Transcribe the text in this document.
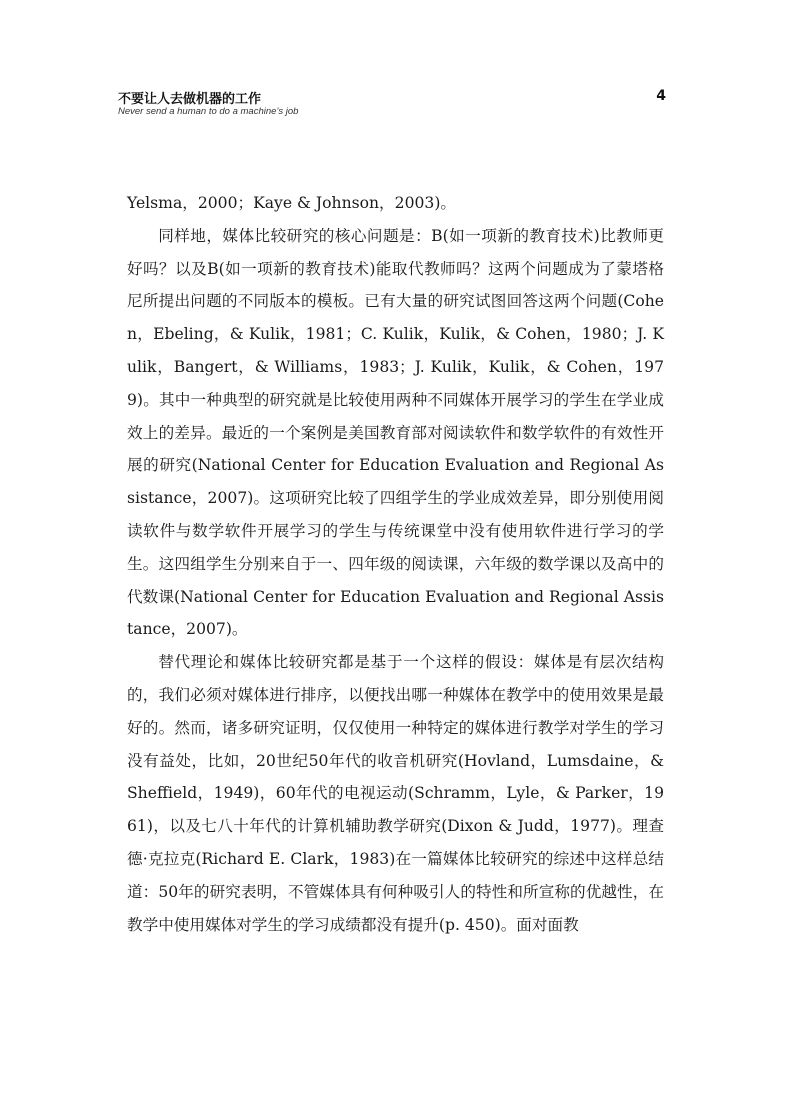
不要让人去做机器的工作
Never send a human to do a machine’s job
4

Yelsma，2000；Kaye & Johnson，2003)。

同样地，媒体比较研究的核心问题是：B(如一项新的教育技术)比教师更好吗？以及B(如一项新的教育技术)能取代教师吗？这两个问题成为了蒙塔格尼所提出问题的不同版本的模板。已有大量的研究试图回答这两个问题(Cohen，Ebeling，& Kulik，1981；C. Kulik，Kulik，& Cohen，1980；J. Kulik，Bangert，& Williams，1983；J. Kulik，Kulik，& Cohen，1979)。其中一种典型的研究就是比较使用两种不同媒体开展学习的学生在学业成效上的差异。最近的一个案例是美国教育部对阅读软件和数学软件的有效性开展的研究(National Center for Education Evaluation and Regional Assistance，2007)。这项研究比较了四组学生的学业成效差异，即分别使用阅读软件与数学软件开展学习的学生与传统课堂中没有使用软件进行学习的学生。这四组学生分别来自于一、四年级的阅读课，六年级的数学课以及高中的代数课(National Center for Education Evaluation and Regional Assistance，2007)。

替代理论和媒体比较研究都是基于一个这样的假设：媒体是有层次结构的，我们必须对媒体进行排序，以便找出哪一种媒体在教学中的使用效果是最好的。然而，诸多研究证明，仅仅使用一种特定的媒体进行教学对学生的学习没有益处，比如，20世纪50年代的收音机研究(Hovland，Lumsdaine，& Sheffield，1949)，60年代的电视运动(Schramm，Lyle，& Parker，1961)，以及七八十年代的计算机辅助教学研究(Dixon & Judd，1977)。理查德·克拉克(Richard E. Clark，1983)在一篇媒体比较研究的综述中这样总结道：50年的研究表明，不管媒体具有何种吸引人的特性和所宣称的优越性，在教学中使用媒体对学生的学习成绩都没有提升(p. 450)。面对面教
